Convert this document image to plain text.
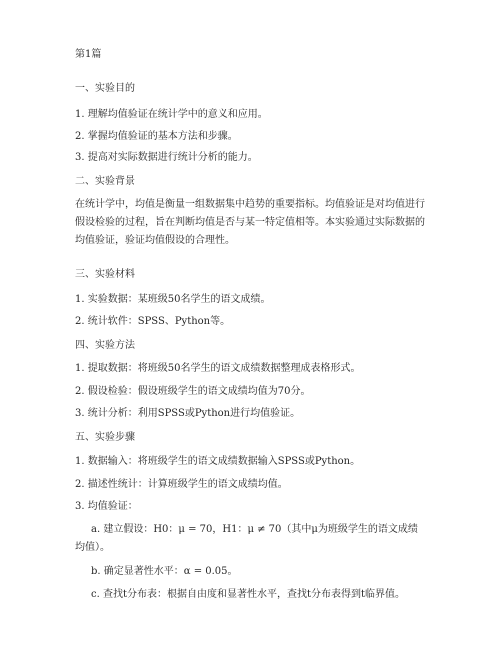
第1篇
一、实验目的
1. 理解均值验证在统计学中的意义和应用。
2. 掌握均值验证的基本方法和步骤。
3. 提高对实际数据进行统计分析的能力。
二、实验背景
在统计学中，均值是衡量一组数据集中趋势的重要指标。均值验证是对均值进行假设检验的过程，旨在判断均值是否与某一特定值相等。本实验通过实际数据的均值验证，验证均值假设的合理性。
三、实验材料
1. 实验数据：某班级50名学生的语文成绩。
2. 统计软件：SPSS、Python等。
四、实验方法
1. 提取数据：将班级50名学生的语文成绩数据整理成表格形式。
2. 假设检验：假设班级学生的语文成绩均值为70分。
3. 统计分析：利用SPSS或Python进行均值验证。
五、实验步骤
1. 数据输入：将班级学生的语文成绩数据输入SPSS或Python。
2. 描述性统计：计算班级学生的语文成绩均值。
3. 均值验证：
a. 建立假设：H0：μ = 70，H1：μ ≠ 70（其中μ为班级学生的语文成绩均值）。
b. 确定显著性水平：α = 0.05。
c. 查找t分布表：根据自由度和显著性水平，查找t分布表得到t临界值。
